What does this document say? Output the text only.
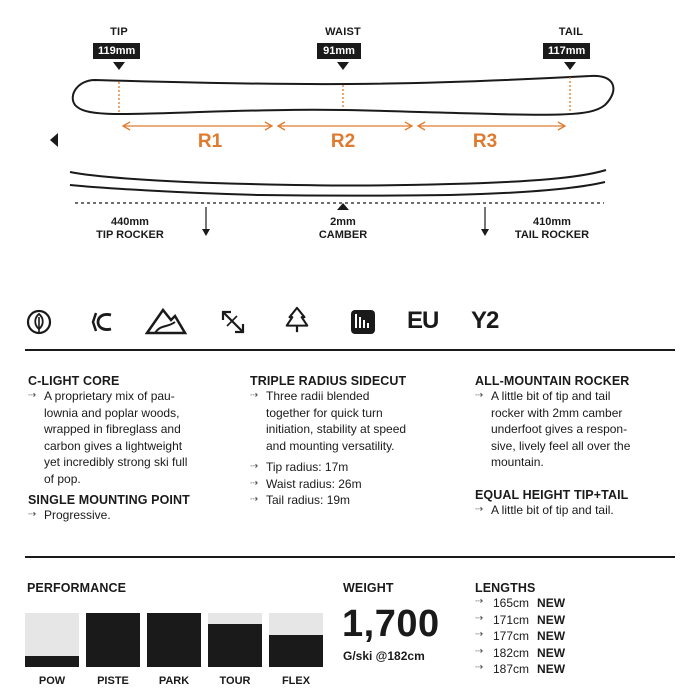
TIP
119mm
WAIST
91mm
TAIL
117mm
R1	R2	R3
440mm
TIP ROCKER
2mm
CAMBER
410mm
TAIL ROCKER
EU Y2
C-LIGHT CORE
⇢ A proprietary mix of pau-
lownia and poplar woods,
wrapped in fibreglass and
carbon gives a lightweight
yet incredibly strong ski full
of pop.
SINGLE MOUNTING POINT
⇢ Progressive.
TRIPLE RADIUS SIDECUT
⇢ Three radii blended
together for quick turn
initiation, stability at speed
and mounting versatility.
⇢ Tip radius: 17m
⇢ Waist radius: 26m
⇢ Tail radius: 19m
ALL-MOUNTAIN ROCKER
⇢ A little bit of tip and tail
rocker with 2mm camber
underfoot gives a respon-
sive, lively feel all over the
mountain.
EQUAL HEIGHT TIP+TAIL
⇢ A little bit of tip and tail.
PERFORMANCE
POW	PISTE	PARK	TOUR	FLEX
WEIGHT
1,700
G/ski @182cm
LENGTHS
⇢ 165cm NEW
⇢ 171cm NEW
⇢ 177cm NEW
⇢ 182cm NEW
⇢ 187cm NEW
